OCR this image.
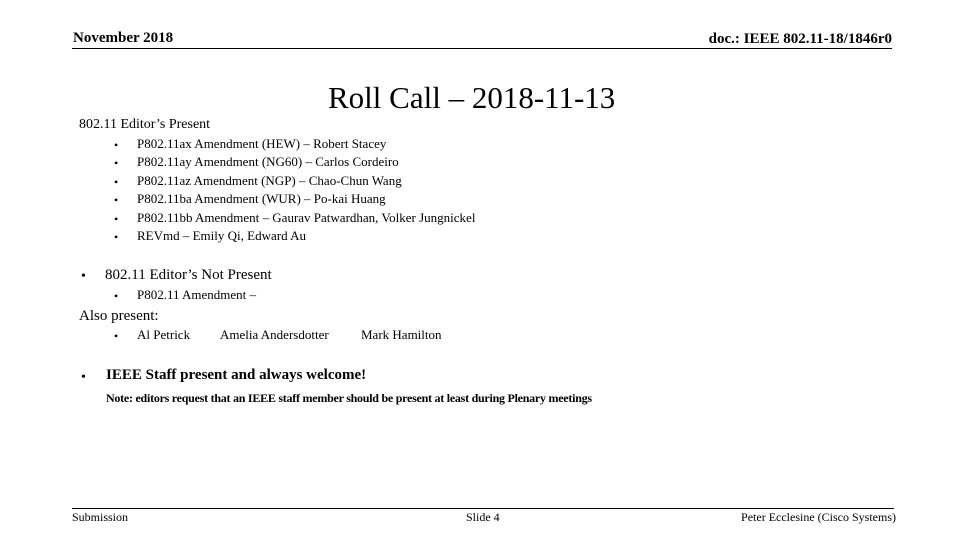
November 2018	doc.: IEEE 802.11-18/1846r0
Roll Call – 2018-11-13
802.11 Editor’s Present
• P802.11ax Amendment (HEW) – Robert Stacey
• P802.11ay Amendment (NG60) – Carlos Cordeiro
• P802.11az Amendment (NGP) – Chao-Chun Wang
• P802.11ba Amendment (WUR) – Po-kai Huang
• P802.11bb Amendment – Gaurav Patwardhan, Volker Jungnickel
• REVmd – Emily Qi, Edward Au
• 802.11 Editor’s Not Present
• P802.11 Amendment –
Also present:
• Al Petrick Amelia Andersdotter Mark Hamilton
• IEEE Staff present and always welcome!
Note: editors request that an IEEE staff member should be present at least during Plenary meetings
Submission	Slide 4	Peter Ecclesine (Cisco Systems)
